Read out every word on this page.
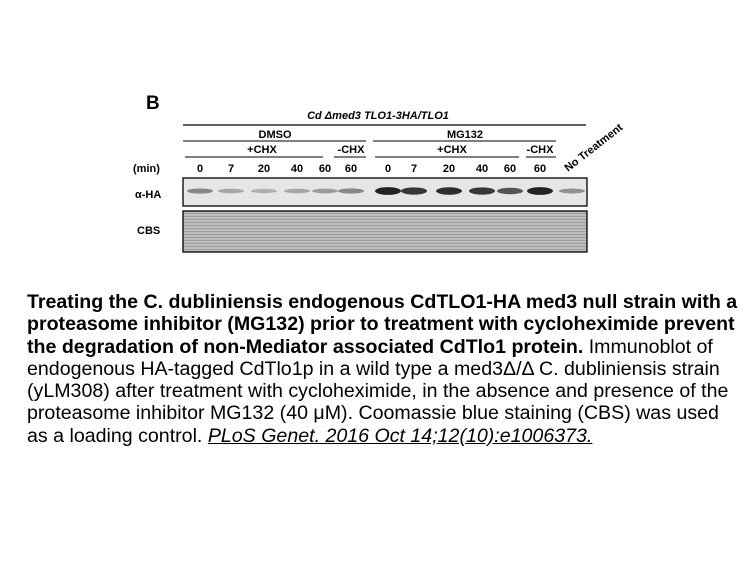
B
Cd Δmed3 TLO1-3HA/TLO1
DMSO	MG132
+CHX	-CHX	+CHX	-CHX
(min)	0 7 20 40 60 60	0 7 20 40 60 60 No Treatment
α-HA
CBS
Treating the C. dubliniensis endogenous CdTLO1-HA med3 null strain with a proteasome inhibitor (MG132) prior to treatment with cycloheximide prevent the degradation of non-Mediator associated CdTlo1 protein. Immunoblot of endogenous HA-tagged CdTlo1p in a wild type a med3Δ/Δ C. dubliniensis strain (yLM308) after treatment with cycloheximide, in the absence and presence of the proteasome inhibitor MG132 (40 μM). Coomassie blue staining (CBS) was used as a loading control. PLoS Genet. 2016 Oct 14;12(10):e1006373.
